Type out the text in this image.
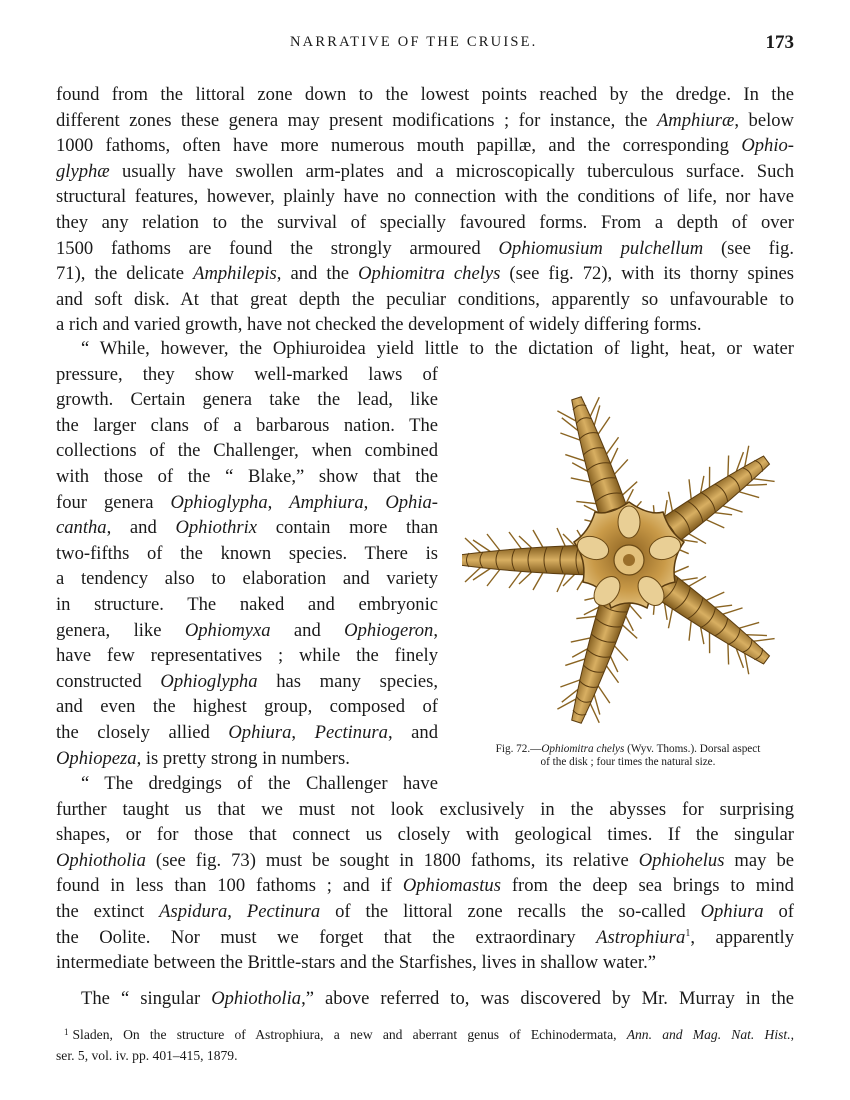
NARRATIVE OF THE CRUISE.	173

found from the littoral zone down to the lowest points reached by the dredge. In the
different zones these genera may present modifications ; for instance, the Amphiuræ, below
1000 fathoms, often have more numerous mouth papillæ, and the corresponding Ophio-
glyphæ usually have swollen arm-plates and a microscopically tuberculous surface. Such
structural features, however, plainly have no connection with the conditions of life, nor have
they any relation to the survival of specially favoured forms. From a depth of over
1500 fathoms are found the strongly armoured Ophiomusium pulchellum (see fig.
71), the delicate Amphilepis, and the Ophiomitra chelys (see fig. 72), with its thorny spines
and soft disk. At that great depth the peculiar conditions, apparently so unfavourable to
a rich and varied growth, have not checked the development of widely differing forms.

“ While, however, the Ophiuroidea yield little to the dictation of light, heat, or water

pressure, they show well-marked laws of
growth. Certain genera take the lead, like
the larger clans of a barbarous nation. The
collections of the Challenger, when combined
with those of the “ Blake,” show that the
four genera Ophioglypha, Amphiura, Ophia-
cantha, and Ophiothrix contain more than
two-fifths of the known species. There is
a tendency also to elaboration and variety
in structure. The naked and embryonic
genera, like Ophiomyxa and Ophiogeron,
have few representatives ; while the finely
constructed Ophioglypha has many species,
and even the highest group, composed of
the closely allied Ophiura, Pectinura, and
Ophiopeza, is pretty strong in numbers.

“ The dredgings of the Challenger have

further taught us that we must not look exclusively in the abysses for surprising
shapes, or for those that connect us closely with geological times. If the singular
Ophiotholia (see fig. 73) must be sought in 1800 fathoms, its relative Ophiohelus may be
found in less than 100 fathoms ; and if Ophiomastus from the deep sea brings to mind
the extinct Aspidura, Pectinura of the littoral zone recalls the so-called Ophiura of
the Oolite. Nor must we forget that the extraordinary Astrophiura$^1$, apparently
intermediate between the Brittle-stars and the Starfishes, lives in shallow water.”

The “ singular Ophiotholia,” above referred to, was discovered by Mr. Murray in the

Fig. 72.—Ophiomitra chelys (Wyv. Thoms.). Dorsal aspect
of the disk ; four times the natural size.

$^1$ Sladen, On the structure of Astrophiura, a new and aberrant genus of Echinodermata, Ann. and Mag. Nat. Hist.,
ser. 5, vol. iv. pp. 401–415, 1879.
